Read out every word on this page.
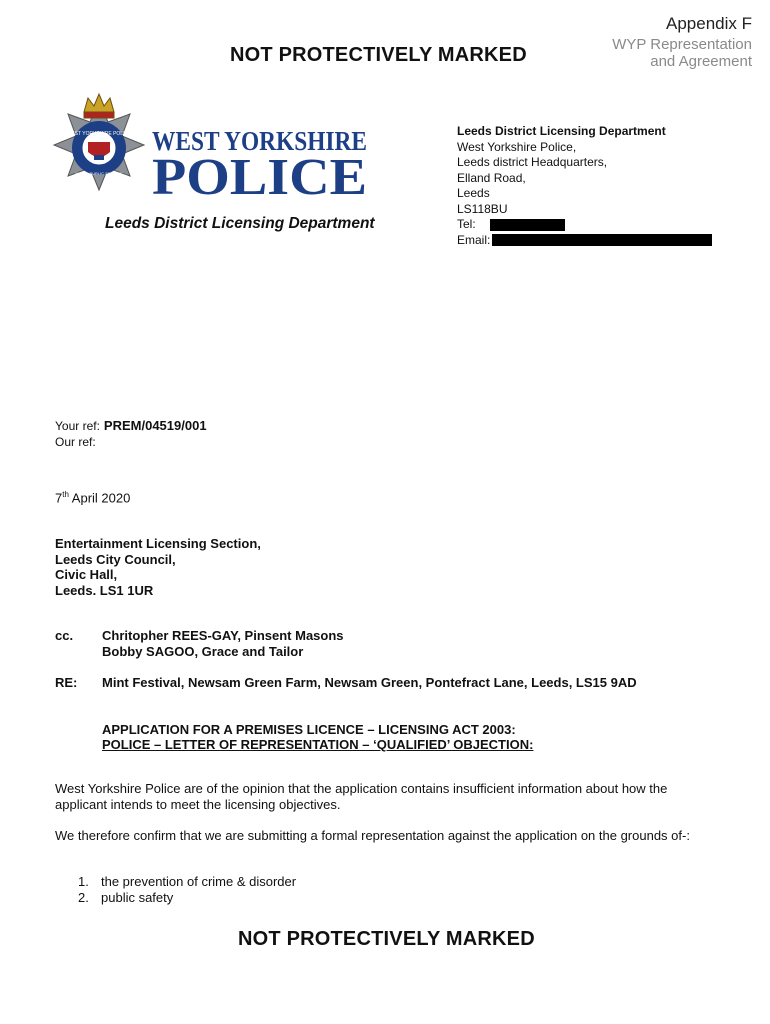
Appendix F
WYP Representation
and Agreement
NOT PROTECTIVELY MARKED
WEST YORKSHIRE POLICE
IN THE PUBLIC SERVICE
WEST YORKSHIRE
POLICE
Leeds District Licensing Department
Leeds District Licensing Department
West Yorkshire Police,
Leeds district Headquarters,
Elland Road,
Leeds
LS118BU
Tel:
Email:
Your ref: PREM/04519/001
Our ref:
7th April 2020
Entertainment Licensing Section,
Leeds City Council,
Civic Hall,
Leeds. LS1 1UR
cc. Chritopher REES-GAY, Pinsent Masons
Bobby SAGOO, Grace and Tailor
RE: Mint Festival, Newsam Green Farm, Newsam Green, Pontefract Lane, Leeds, LS15 9AD
APPLICATION FOR A PREMISES LICENCE – LICENSING ACT 2003:
POLICE – LETTER OF REPRESENTATION – ‘QUALIFIED’ OBJECTION:
West Yorkshire Police are of the opinion that the application contains insufficient information about how the applicant intends to meet the licensing objectives.
We therefore confirm that we are submitting a formal representation against the application on the grounds of-:
1. the prevention of crime & disorder
2. public safety
NOT PROTECTIVELY MARKED
